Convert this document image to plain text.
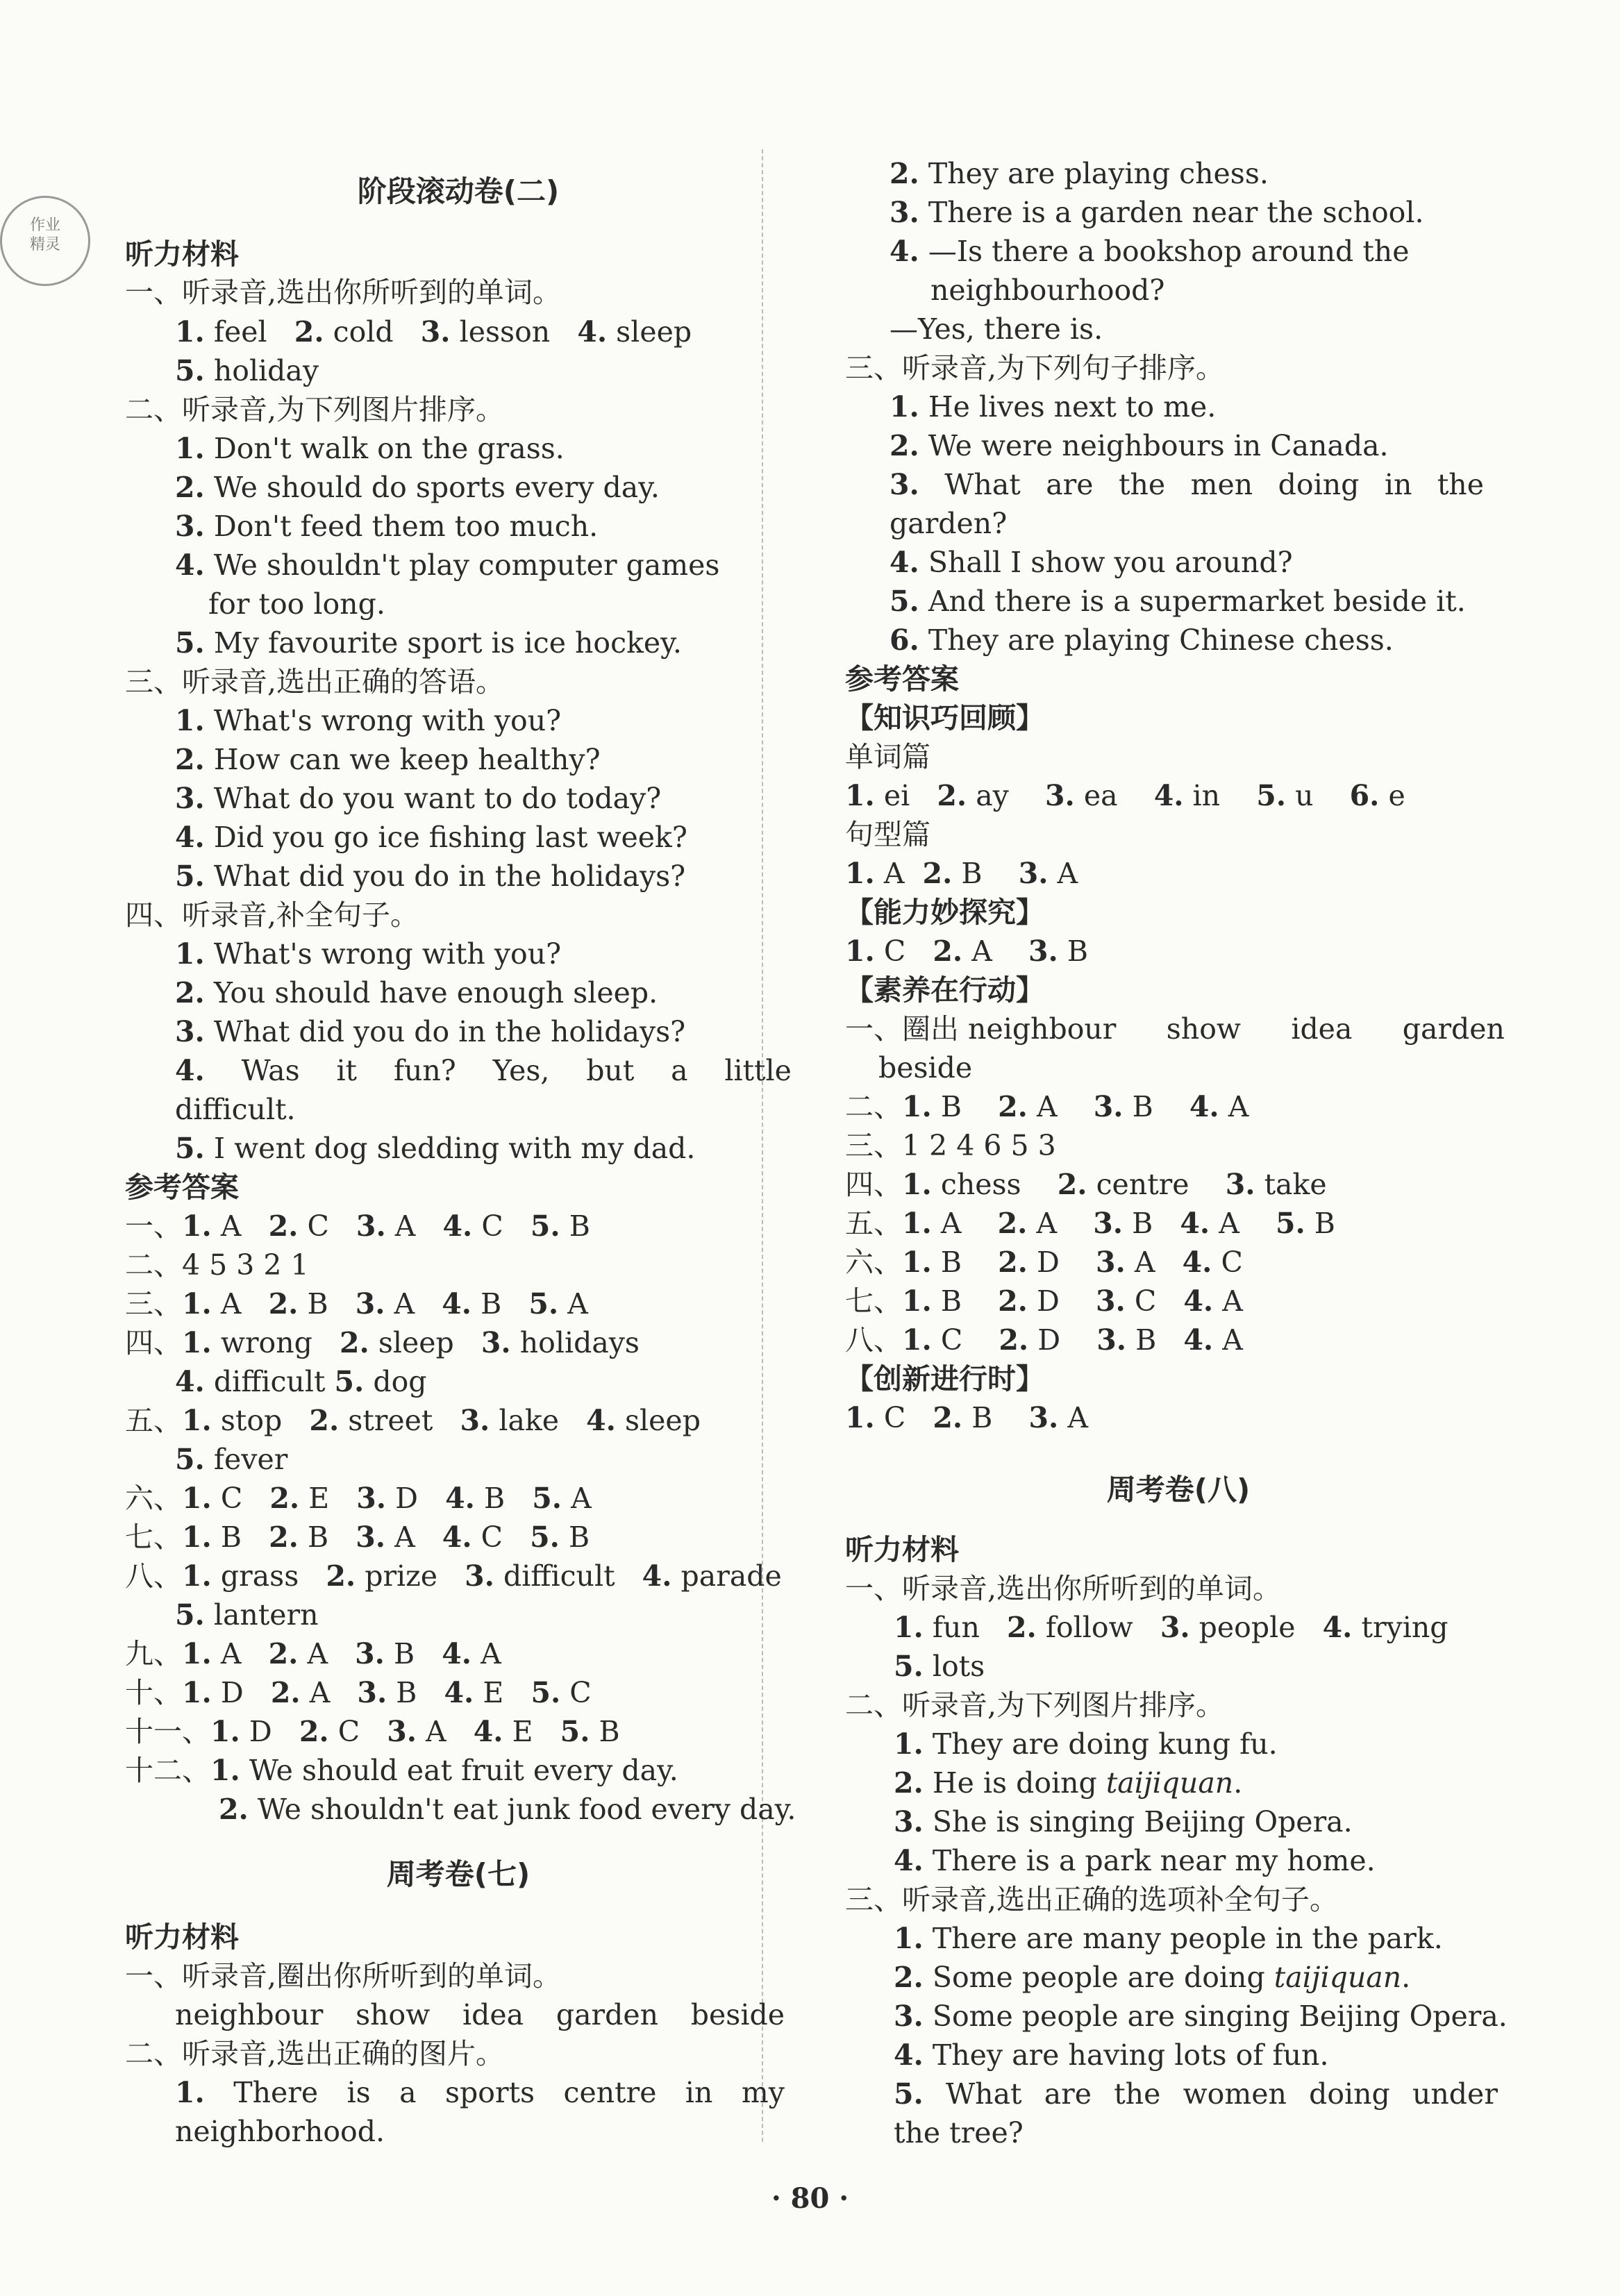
作业
精灵
阶段滚动卷(二)
听力材料
一、听录音,选出你所听到的单词。
1. feel 2. cold 3. lesson 4. sleep
5. holiday
二、听录音,为下列图片排序。
1. Don't walk on the grass.
2. We should do sports every day.
3. Don't feed them too much.
4. We shouldn't play computer games
for too long.
5. My favourite sport is ice hockey.
三、听录音,选出正确的答语。
1. What's wrong with you?
2. How can we keep healthy?
3. What do you want to do today?
4. Did you go ice fishing last week?
5. What did you do in the holidays?
四、听录音,补全句子。
1. What's wrong with you?
2. You should have enough sleep.
3. What did you do in the holidays?
4. Was it fun? Yes, but a little
difficult.
5. I went dog sledding with my dad.
参考答案
一、1. A 2. C 3. A 4. C 5. B
二、4 5 3 2 1
三、1. A 2. B 3. A 4. B 5. A
四、1. wrong 2. sleep 3. holidays
4. difficult 5. dog
五、1. stop 2. street 3. lake 4. sleep
5. fever
六、1. C 2. E 3. D 4. B 5. A
七、1. B 2. B 3. A 4. C 5. B
八、1. grass 2. prize 3. difficult 4. parade
5. lantern
九、1. A 2. A 3. B 4. A
十、1. D 2. A 3. B 4. E 5. C
十一、1. D 2. C 3. A 4. E 5. B
十二、1. We should eat fruit every day.
2. We shouldn't eat junk food every day.
周考卷(七)
听力材料
一、听录音,圈出你所听到的单词。
neighbour show idea garden beside
二、听录音,选出正确的图片。
1. There is a sports centre in my
neighborhood.
2. They are playing chess.
3. There is a garden near the school.
4. —Is there a bookshop around the
neighbourhood?
—Yes, there is.
三、听录音,为下列句子排序。
1. He lives next to me.
2. We were neighbours in Canada.
3. What are the men doing in the
garden?
4. Shall I show you around?
5. And there is a supermarket beside it.
6. They are playing Chinese chess.
参考答案
【知识巧回顾】
单词篇
1. ei 2. ay 3. ea 4. in 5. u 6. e
句型篇
1. A 2. B 3. A
【能力妙探究】
1. C 2. A 3. B
【素养在行动】
一、圈出 neighbour show idea garden
beside
二、1. B 2. A 3. B 4. A
三、1 2 4 6 5 3
四、1. chess 2. centre 3. take
五、1. A 2. A 3. B 4. A 5. B
六、1. B 2. D 3. A 4. C
七、1. B 2. D 3. C 4. A
八、1. C 2. D 3. B 4. A
【创新进行时】
1. C 2. B 3. A
周考卷(八)
听力材料
一、听录音,选出你所听到的单词。
1. fun 2. follow 3. people 4. trying
5. lots
二、听录音,为下列图片排序。
1. They are doing kung fu.
2. He is doing taijiquan.
3. She is singing Beijing Opera.
4. There is a park near my home.
三、听录音,选出正确的选项补全句子。
1. There are many people in the park.
2. Some people are doing taijiquan.
3. Some people are singing Beijing Opera.
4. They are having lots of fun.
5. What are the women doing under
the tree?
· 80 ·
